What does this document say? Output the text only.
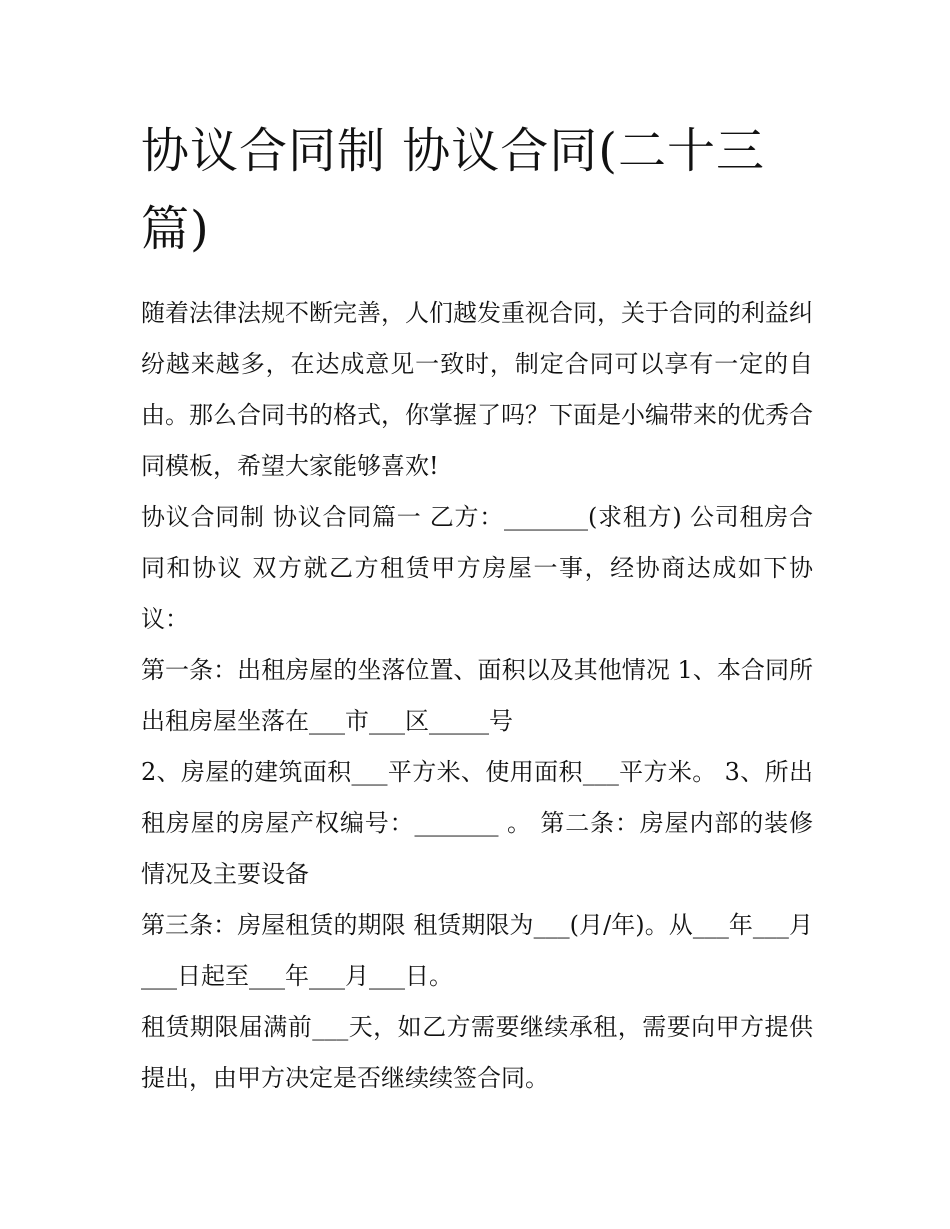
协议合同制 协议合同(二十三篇)

随着法律法规不断完善，人们越发重视合同，关于合同的利益纠纷越来越多，在达成意见一致时，制定合同可以享有一定的自由。那么合同书的格式，你掌握了吗？下面是小编带来的优秀合同模板，希望大家能够喜欢!

协议合同制 协议合同篇一 乙方：_______(求租方) 公司租房合同和协议 双方就乙方租赁甲方房屋一事，经协商达成如下协议：

第一条：出租房屋的坐落位置、面积以及其他情况 1、本合同所出租房屋坐落在___市___区_____号

2、房屋的建筑面积___平方米、使用面积___平方米。 3、所出租房屋的房屋产权编号：_______ 。 第二条：房屋内部的装修情况及主要设备

第三条：房屋租赁的期限 租赁期限为___(月/年)。从___年___月___日起至___年___月___日。

租赁期限届满前___天，如乙方需要继续承租，需要向甲方提供提出，由甲方决定是否继续续签合同。
